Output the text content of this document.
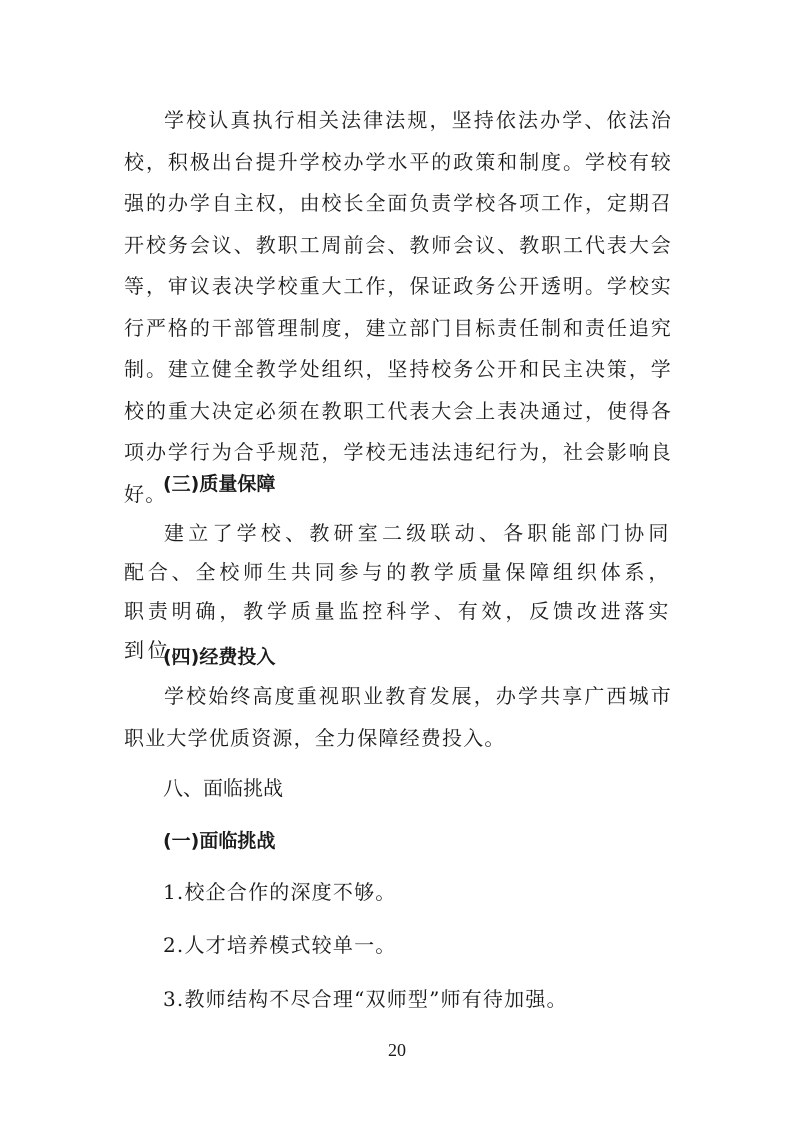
学校认真执行相关法律法规，坚持依法办学、依法治校，积极出台提升学校办学水平的政策和制度。学校有较强的办学自主权，由校长全面负责学校各项工作，定期召开校务会议、教职工周前会、教师会议、教职工代表大会等，审议表决学校重大工作，保证政务公开透明。学校实行严格的干部管理制度，建立部门目标责任制和责任追究制。建立健全教学处组织，坚持校务公开和民主决策，学校的重大决定必须在教职工代表大会上表决通过，使得各项办学行为合乎规范，学校无违法违纪行为，社会影响良好。

(三)质量保障

建立了学校、教研室二级联动、各职能部门协同配合、全校师生共同参与的教学质量保障组织体系，职责明确，教学质量监控科学、有效，反馈改进落实到位。

(四)经费投入

学校始终高度重视职业教育发展，办学共享广西城市职业大学优质资源，全力保障经费投入。

八、面临挑战

(一)面临挑战

1.校企合作的深度不够。

2.人才培养模式较单一。

3.教师结构不尽合理“双师型”师有待加强。

20
